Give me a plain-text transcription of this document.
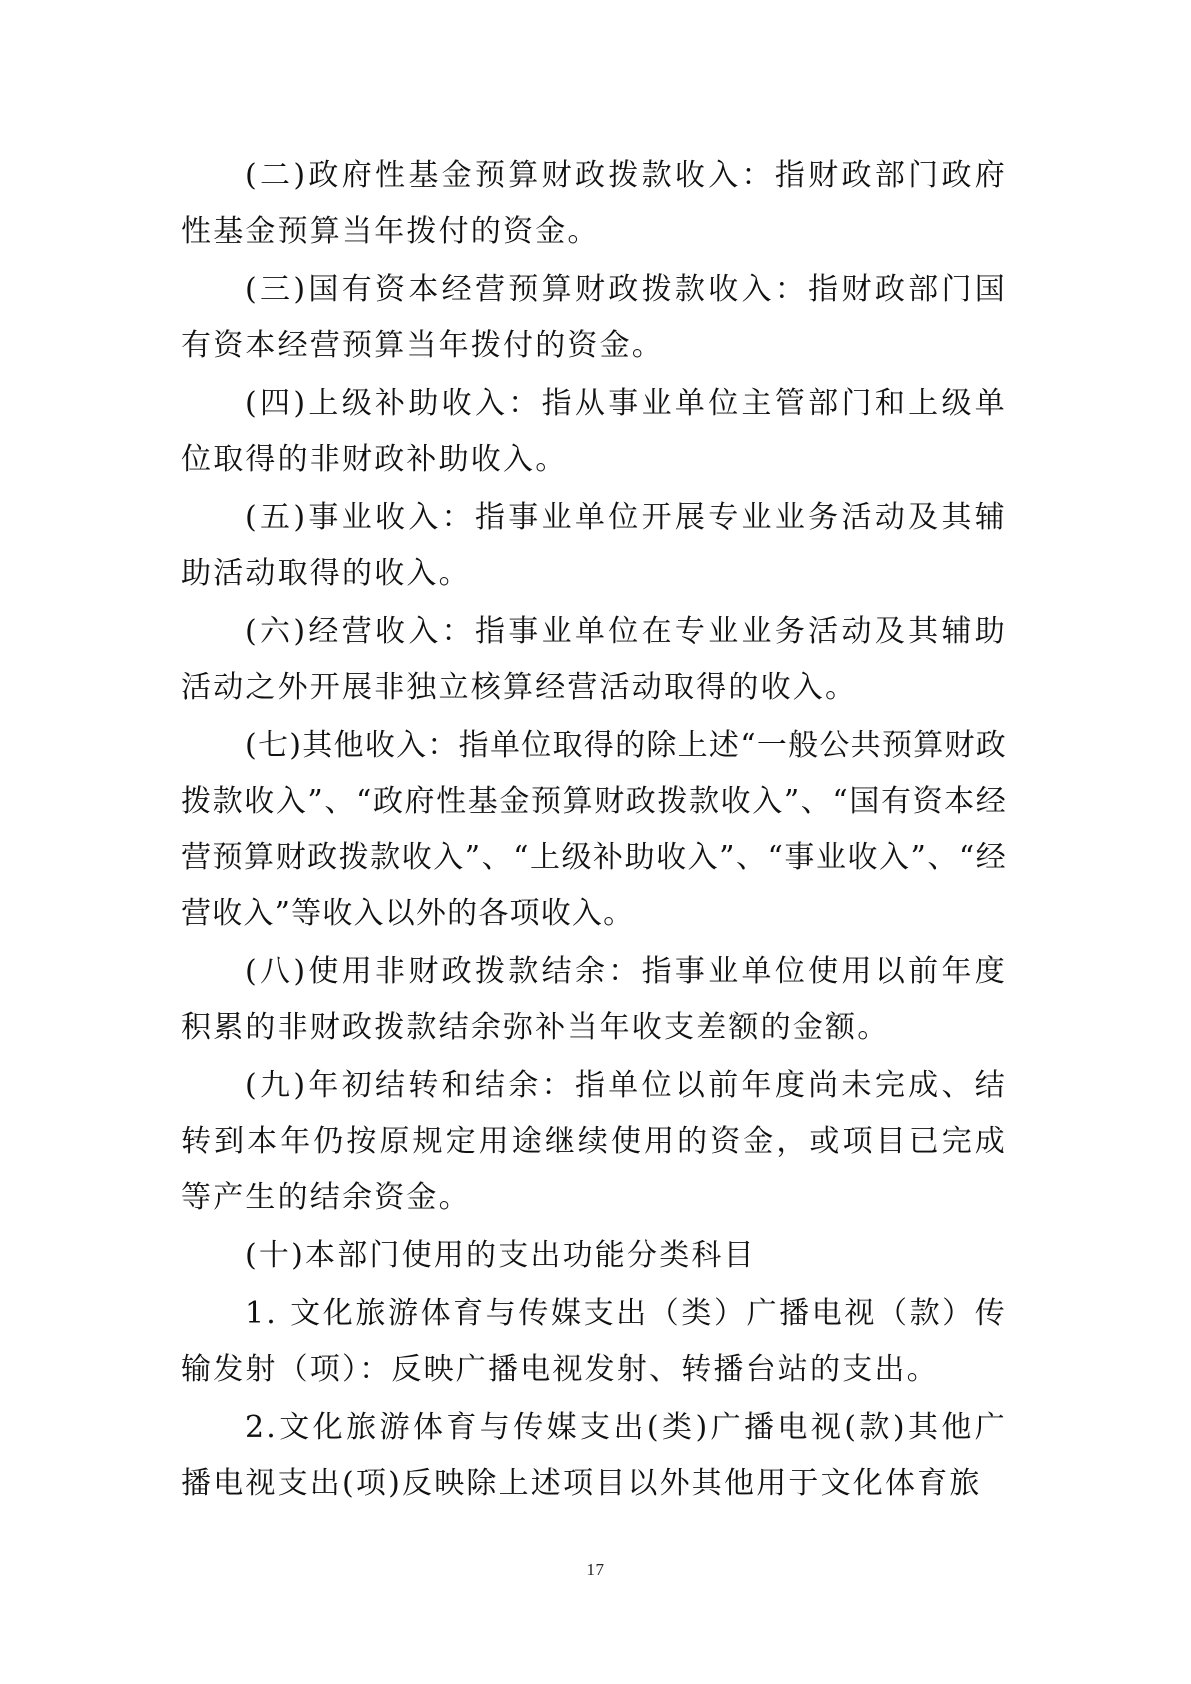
(二)政府性基金预算财政拨款收入：指财政部门政府性基金预算当年拨付的资金。

(三)国有资本经营预算财政拨款收入：指财政部门国有资本经营预算当年拨付的资金。

(四)上级补助收入：指从事业单位主管部门和上级单位取得的非财政补助收入。

(五)事业收入：指事业单位开展专业业务活动及其辅助活动取得的收入。

(六)经营收入：指事业单位在专业业务活动及其辅助活动之外开展非独立核算经营活动取得的收入。

(七)其他收入：指单位取得的除上述“一般公共预算财政拨款收入”、“政府性基金预算财政拨款收入”、“国有资本经营预算财政拨款收入”、“上级补助收入”、“事业收入”、“经营收入”等收入以外的各项收入。

(八)使用非财政拨款结余：指事业单位使用以前年度积累的非财政拨款结余弥补当年收支差额的金额。

(九)年初结转和结余：指单位以前年度尚未完成、结转到本年仍按原规定用途继续使用的资金，或项目已完成等产生的结余资金。

(十)本部门使用的支出功能分类科目

1. 文化旅游体育与传媒支出（类）广播电视（款）传输发射（项）：反映广播电视发射、转播台站的支出。

2.文化旅游体育与传媒支出(类)广播电视(款)其他广播电视支出(项)反映除上述项目以外其他用于文化体育旅

17
